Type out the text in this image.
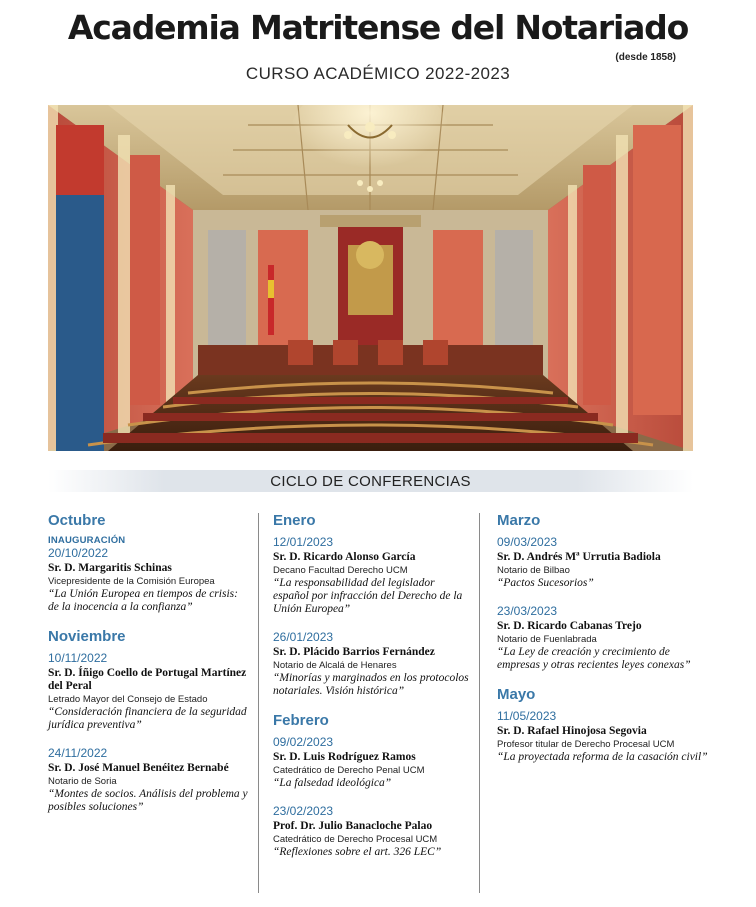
Academia Matritense del Notariado
(desde 1858)
CURSO ACADÉMICO 2022-2023
CICLO DE CONFERENCIAS
Octubre
INAUGURACIÓN
20/10/2022
Sr. D. Margaritis Schinas
Vicepresidente de la Comisión Europea
“La Unión Europea en tiempos de crisis: de la inocencia a la confianza”
Noviembre
10/11/2022
Sr. D. Íñigo Coello de Portugal Martínez del Peral
Letrado Mayor del Consejo de Estado
“Consideración financiera de la seguridad jurídica preventiva”
24/11/2022
Sr. D. José Manuel Benéitez Bernabé
Notario de Soria
“Montes de socios. Análisis del problema y posibles soluciones”
Enero
12/01/2023
Sr. D. Ricardo Alonso García
Decano Facultad Derecho UCM
“La responsabilidad del legislador español por infracción del Derecho de la Unión Europea”
26/01/2023
Sr. D. Plácido Barrios Fernández
Notario de Alcalá de Henares
“Minorías y marginados en los protocolos notariales. Visión histórica”
Febrero
09/02/2023
Sr. D. Luis Rodríguez Ramos
Catedrático de Derecho Penal UCM
“La falsedad ideológica”
23/02/2023
Prof. Dr. Julio Banacloche Palao
Catedrático de Derecho Procesal UCM
“Reflexiones sobre el art. 326 LEC”
Marzo
09/03/2023
Sr. D. Andrés Mª Urrutia Badiola
Notario de Bilbao
“Pactos Sucesorios”
23/03/2023
Sr. D. Ricardo Cabanas Trejo
Notario de Fuenlabrada
“La Ley de creación y crecimiento de empresas y otras recientes leyes conexas”
Mayo
11/05/2023
Sr. D. Rafael Hinojosa Segovia
Profesor titular de Derecho Procesal UCM
“La proyectada reforma de la casación civil”
